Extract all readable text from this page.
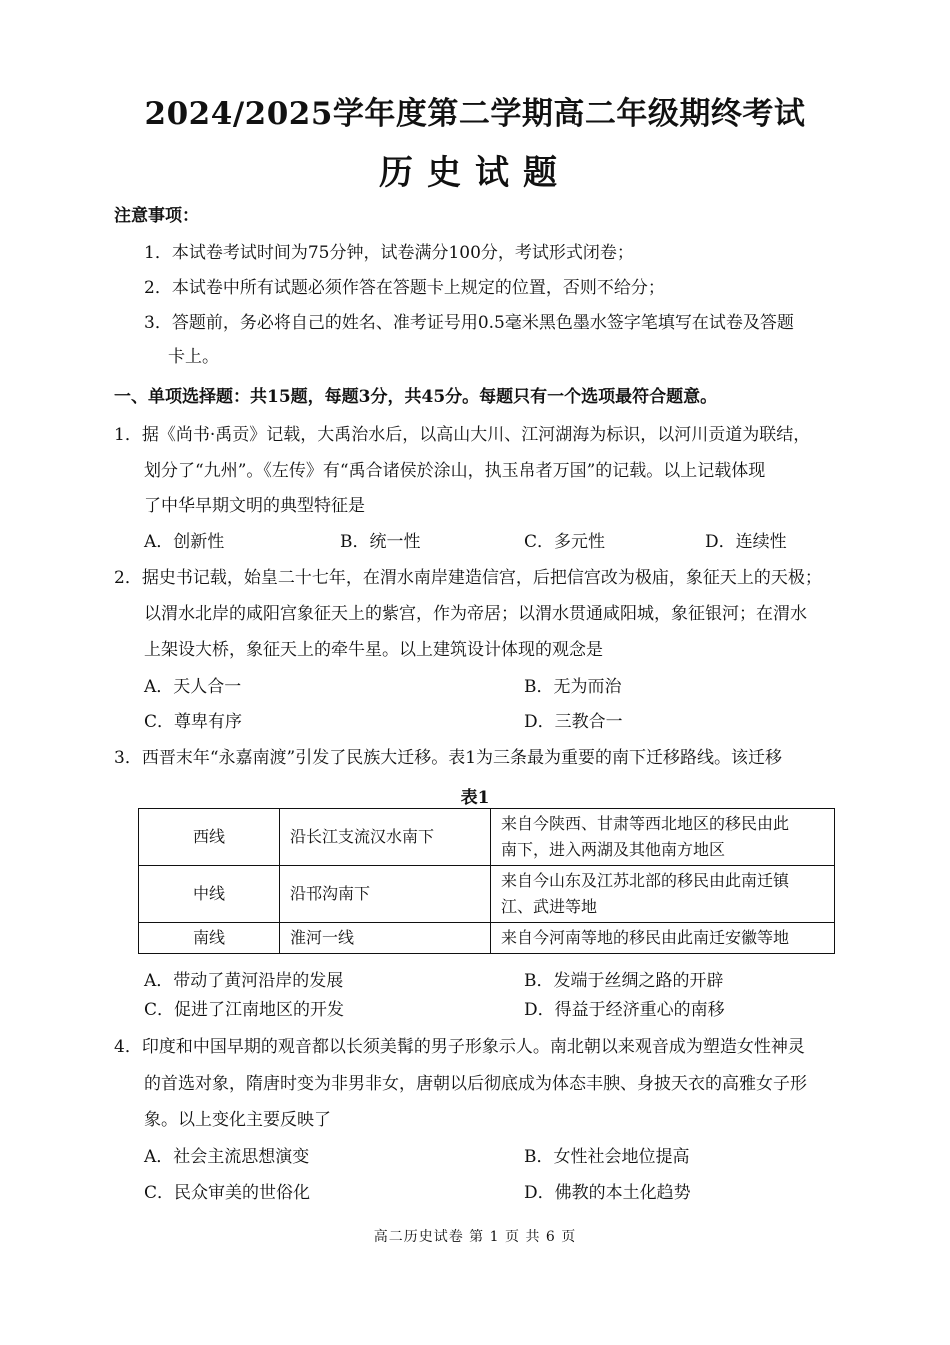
2024/2025学年度第二学期高二年级期终考试
历史试题
注意事项：
1．本试卷考试时间为75分钟，试卷满分100分，考试形式闭卷；
2．本试卷中所有试题必须作答在答题卡上规定的位置，否则不给分；
3．答题前，务必将自己的姓名、准考证号用0.5毫米黑色墨水签字笔填写在试卷及答题
卡上。
一、单项选择题：共15题，每题3分，共45分。每题只有一个选项最符合题意。
1．据《尚书·禹贡》记载，大禹治水后，以高山大川、江河湖海为标识，以河川贡道为联结，
划分了“九州”。《左传》有“禹合诸侯於涂山，执玉帛者万国”的记载。以上记载体现
了中华早期文明的典型特征是
A．创新性	B．统一性	C．多元性	D．连续性
2．据史书记载，始皇二十七年，在渭水南岸建造信宫，后把信宫改为极庙，象征天上的天极；
以渭水北岸的咸阳宫象征天上的紫宫，作为帝居；以渭水贯通咸阳城，象征银河；在渭水
上架设大桥，象征天上的牵牛星。以上建筑设计体现的观念是
A．天人合一	B．无为而治
C．尊卑有序	D．三教合一
3．西晋末年“永嘉南渡”引发了民族大迁移。表1为三条最为重要的南下迁移路线。该迁移
表1
西线	沿长江支流汉水南下	来自今陕西、甘肃等西北地区的移民由此
南下，进入两湖及其他南方地区

中线	沿邗沟南下	来自今山东及江苏北部的移民由此南迁镇
江、武进等地

南线	淮河一线	来自今河南等地的移民由此南迁安徽等地
A．带动了黄河沿岸的发展	B．发端于丝绸之路的开辟
C．促进了江南地区的开发	D．得益于经济重心的南移
4．印度和中国早期的观音都以长须美髯的男子形象示人。南北朝以来观音成为塑造女性神灵
的首选对象，隋唐时变为非男非女，唐朝以后彻底成为体态丰腴、身披天衣的高雅女子形
象。以上变化主要反映了
A．社会主流思想演变	B．女性社会地位提高
C．民众审美的世俗化	D．佛教的本土化趋势
高二历史试卷 第 1 页 共 6 页
